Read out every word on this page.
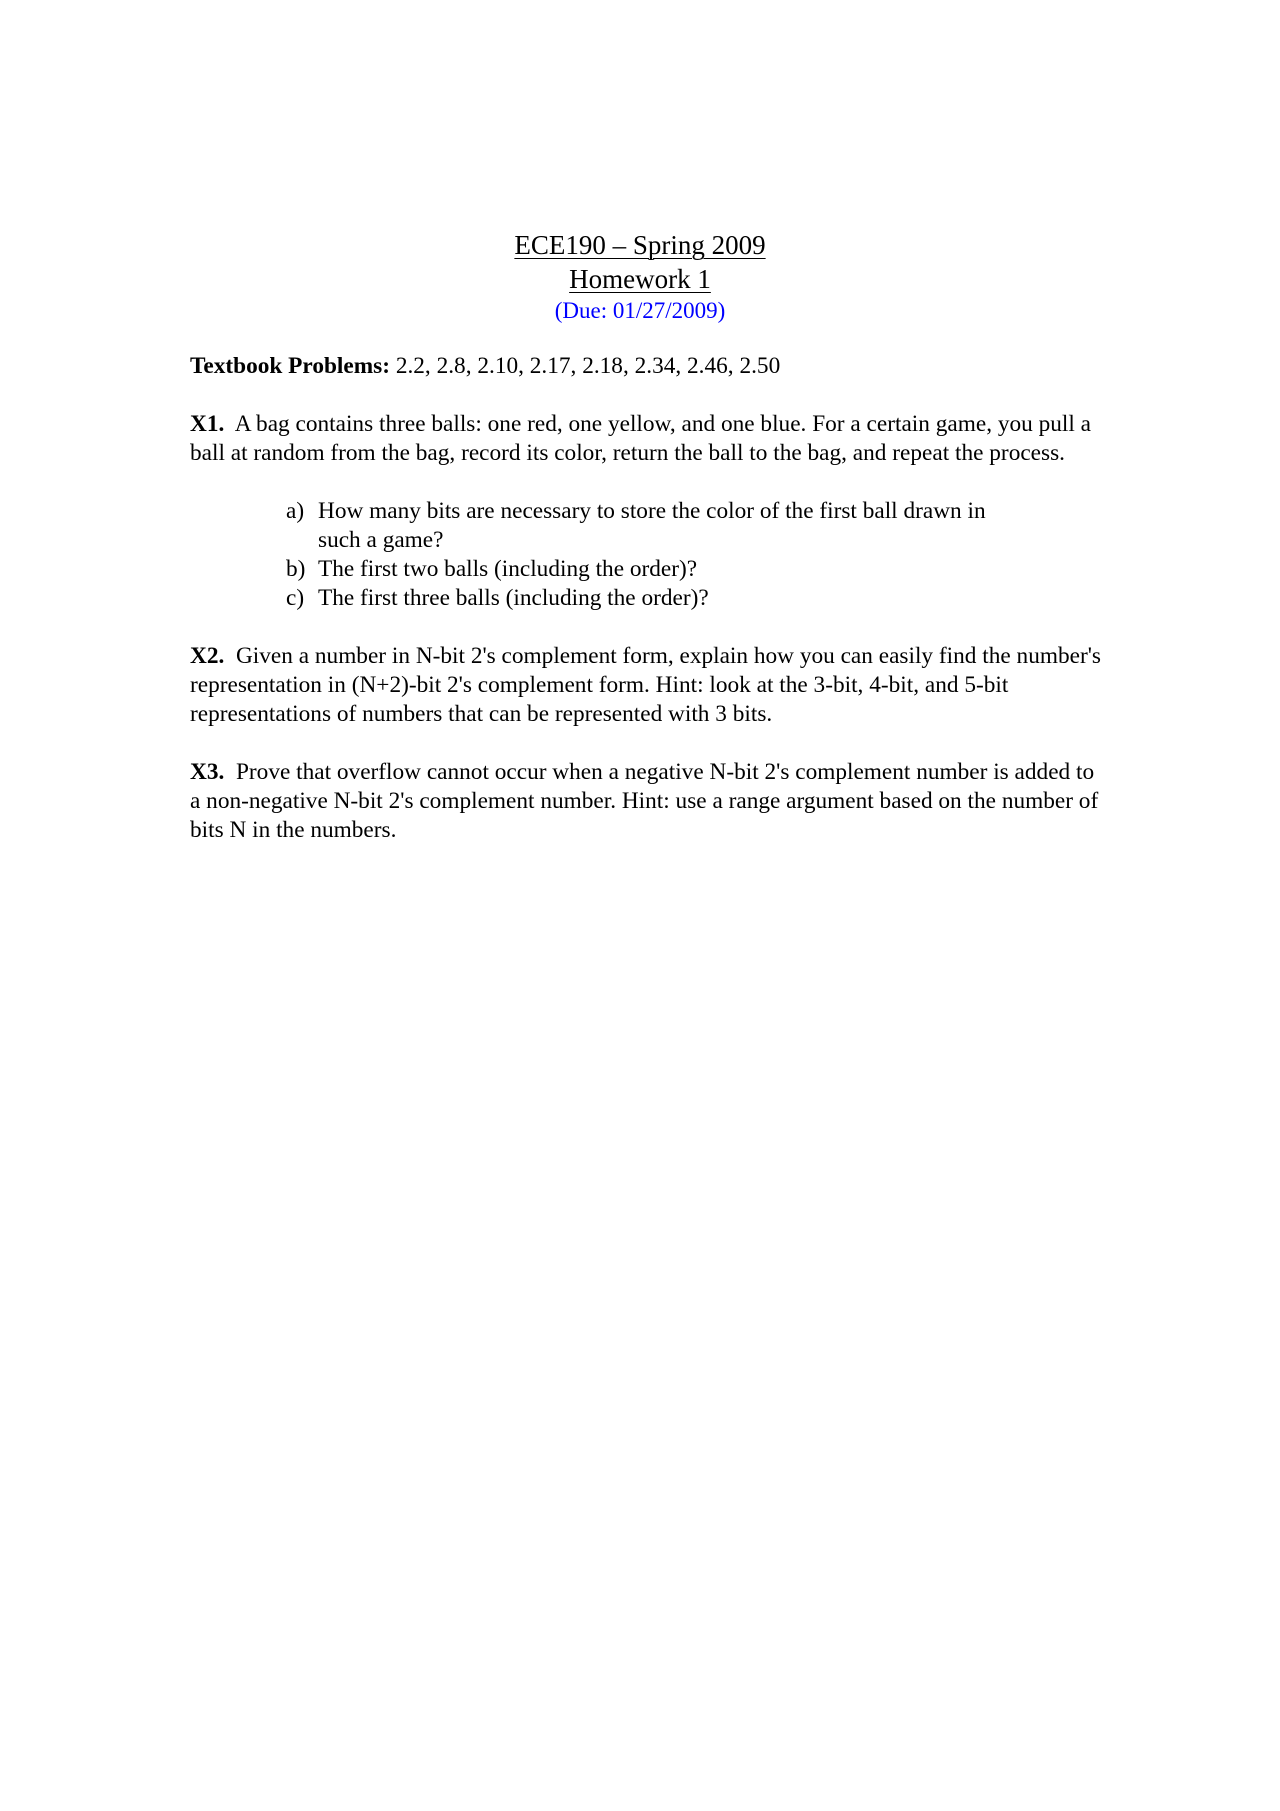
ECE190 – Spring 2009
Homework 1
(Due: 01/27/2009)

Textbook Problems: 2.2, 2.8, 2.10, 2.17, 2.18, 2.34, 2.46, 2.50

X1. A bag contains three balls: one red, one yellow, and one blue. For a certain game, you pull a ball at random from the bag, record its color, return the ball to the bag, and repeat the process.

a) How many bits are necessary to store the color of the first ball drawn in such a game?
b) The first two balls (including the order)?
c) The first three balls (including the order)?

X2. Given a number in N-bit 2's complement form, explain how you can easily find the number's representation in (N+2)-bit 2's complement form. Hint: look at the 3-bit, 4-bit, and 5-bit representations of numbers that can be represented with 3 bits.

X3. Prove that overflow cannot occur when a negative N-bit 2's complement number is added to a non-negative N-bit 2's complement number. Hint: use a range argument based on the number of bits N in the numbers.
